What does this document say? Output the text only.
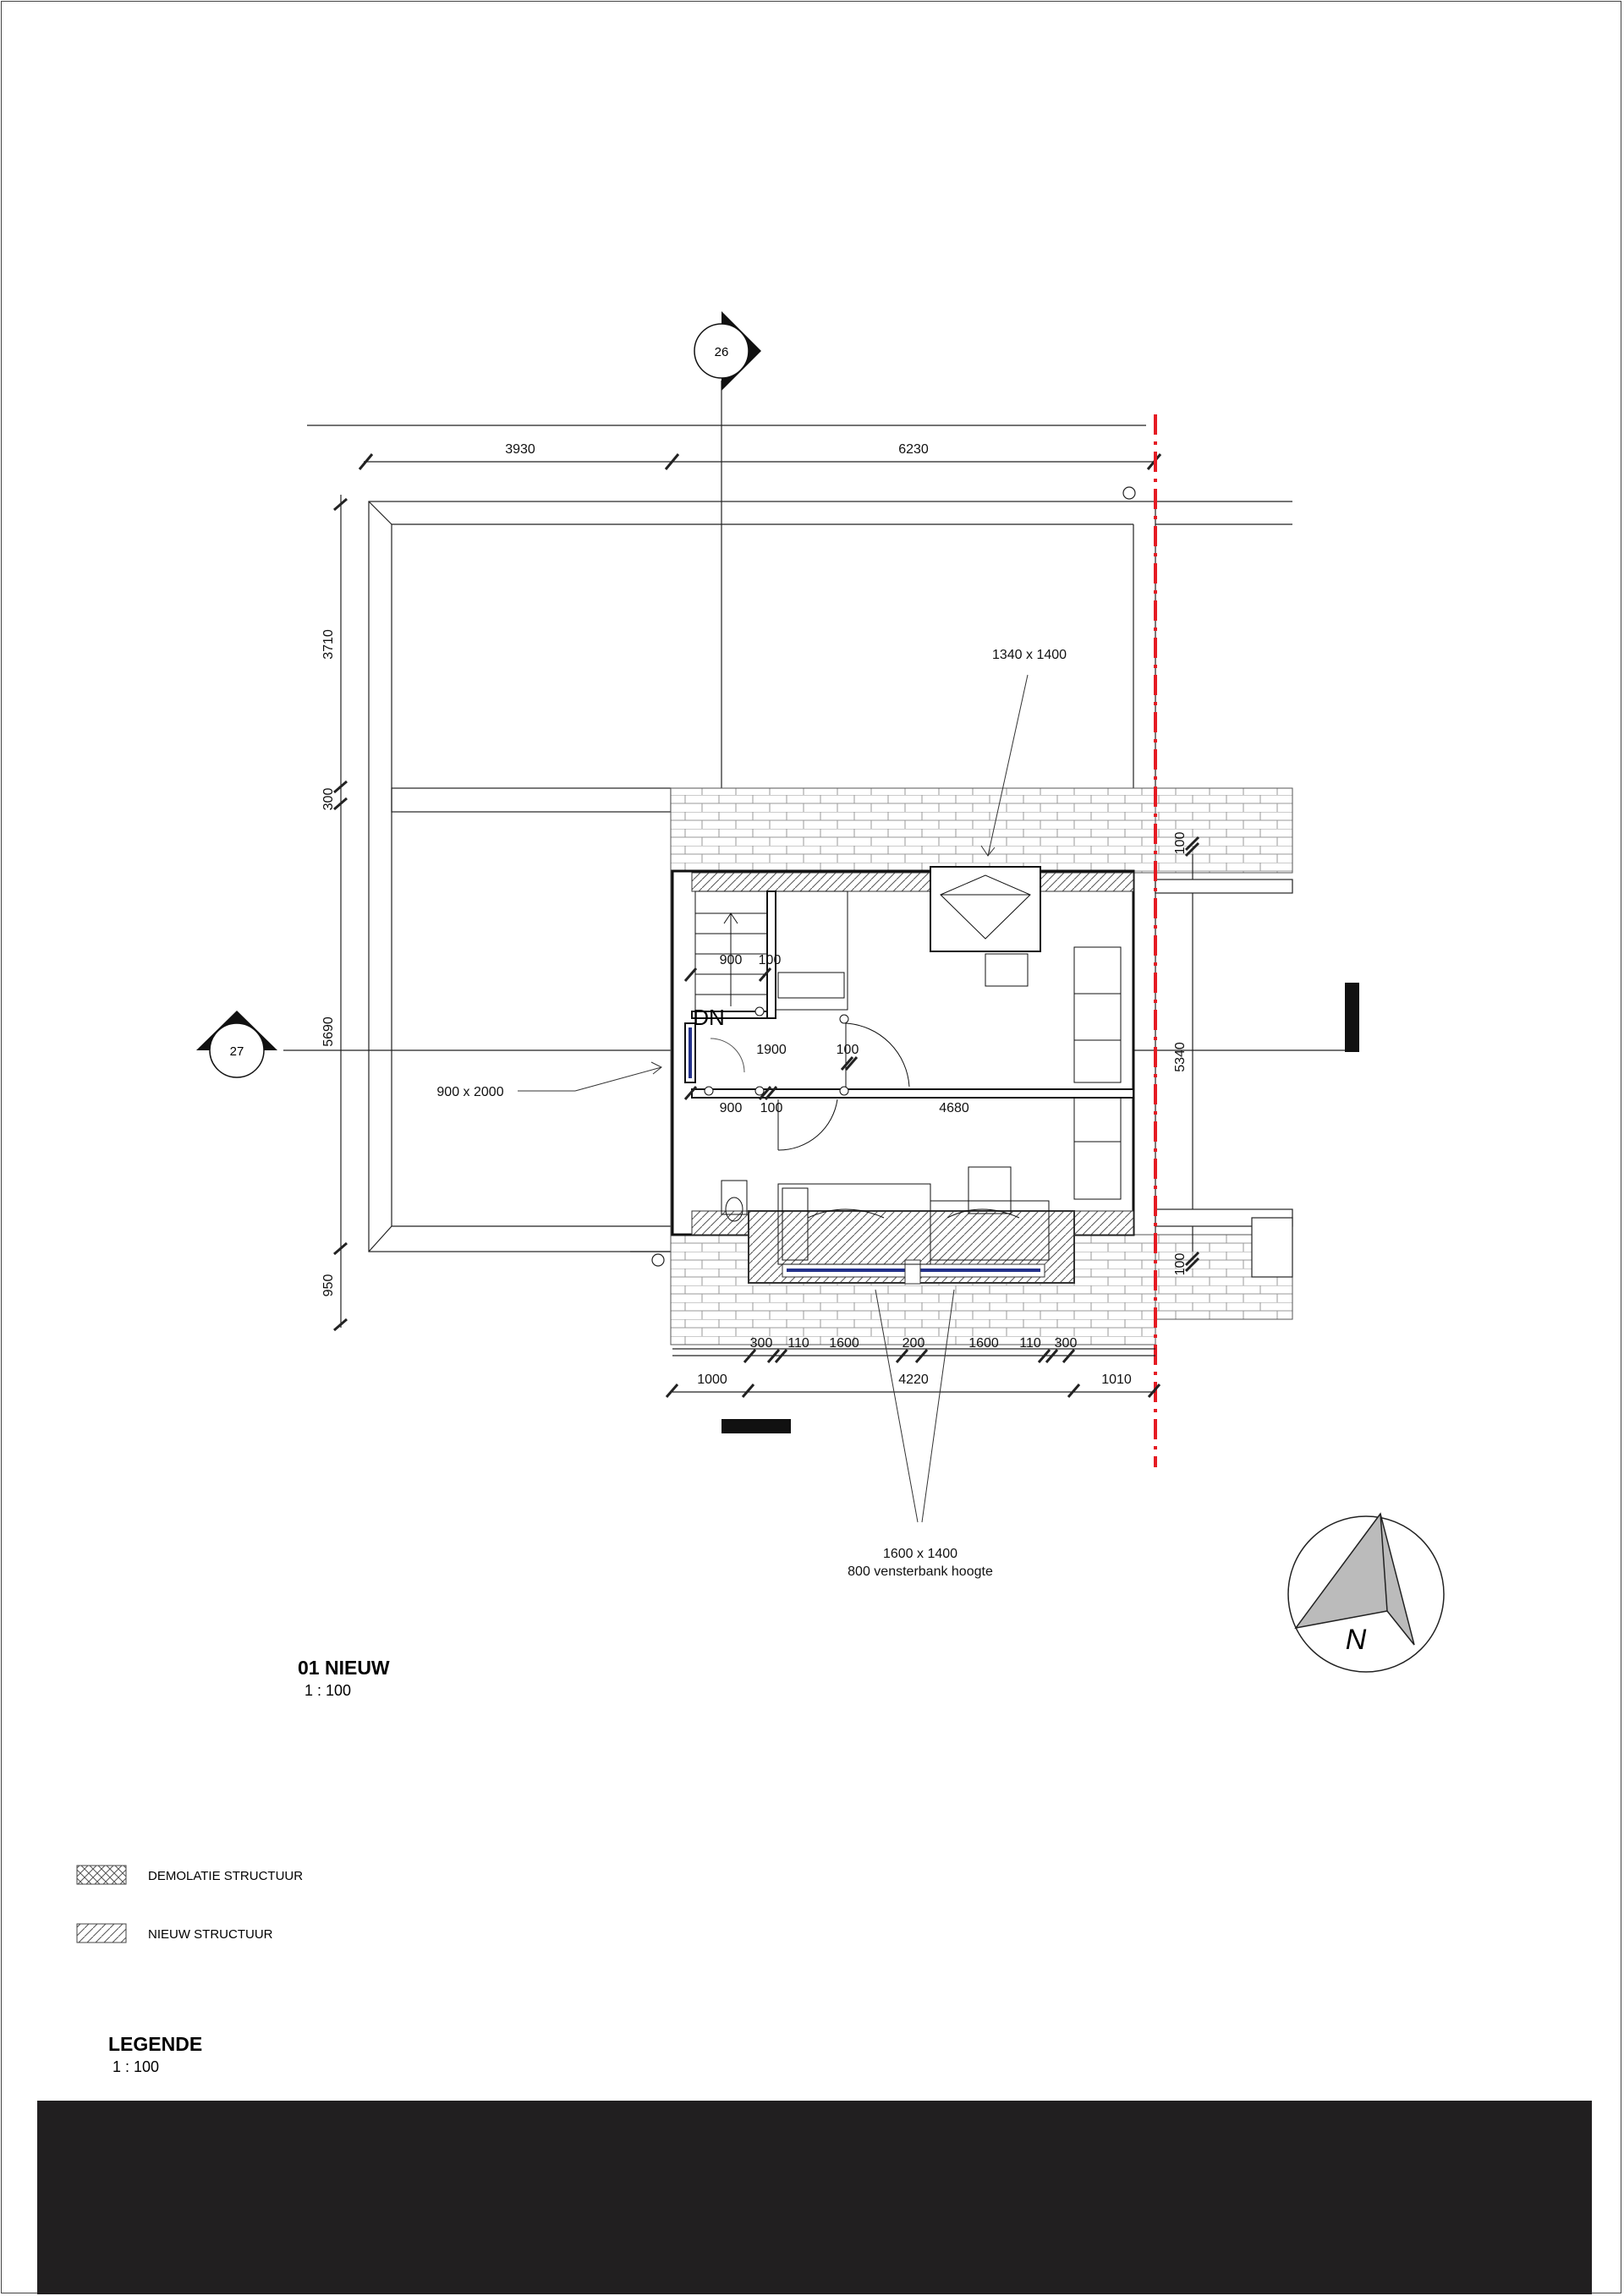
26
27
3930	6230
3710
300
5690
950
5340
100
100
900 100
1900	100
900 100	4680
300 110 1600	200	1600 110 300
1000	4220	1010
1340 x 1400
900 x 2000
1600 x 1400
800 vensterbank hoogte
DN
N
01 NIEUW
1 : 100
DEMOLATIE STRUCTUUR
NIEUW STRUCTUUR
LEGENDE
1 : 100
